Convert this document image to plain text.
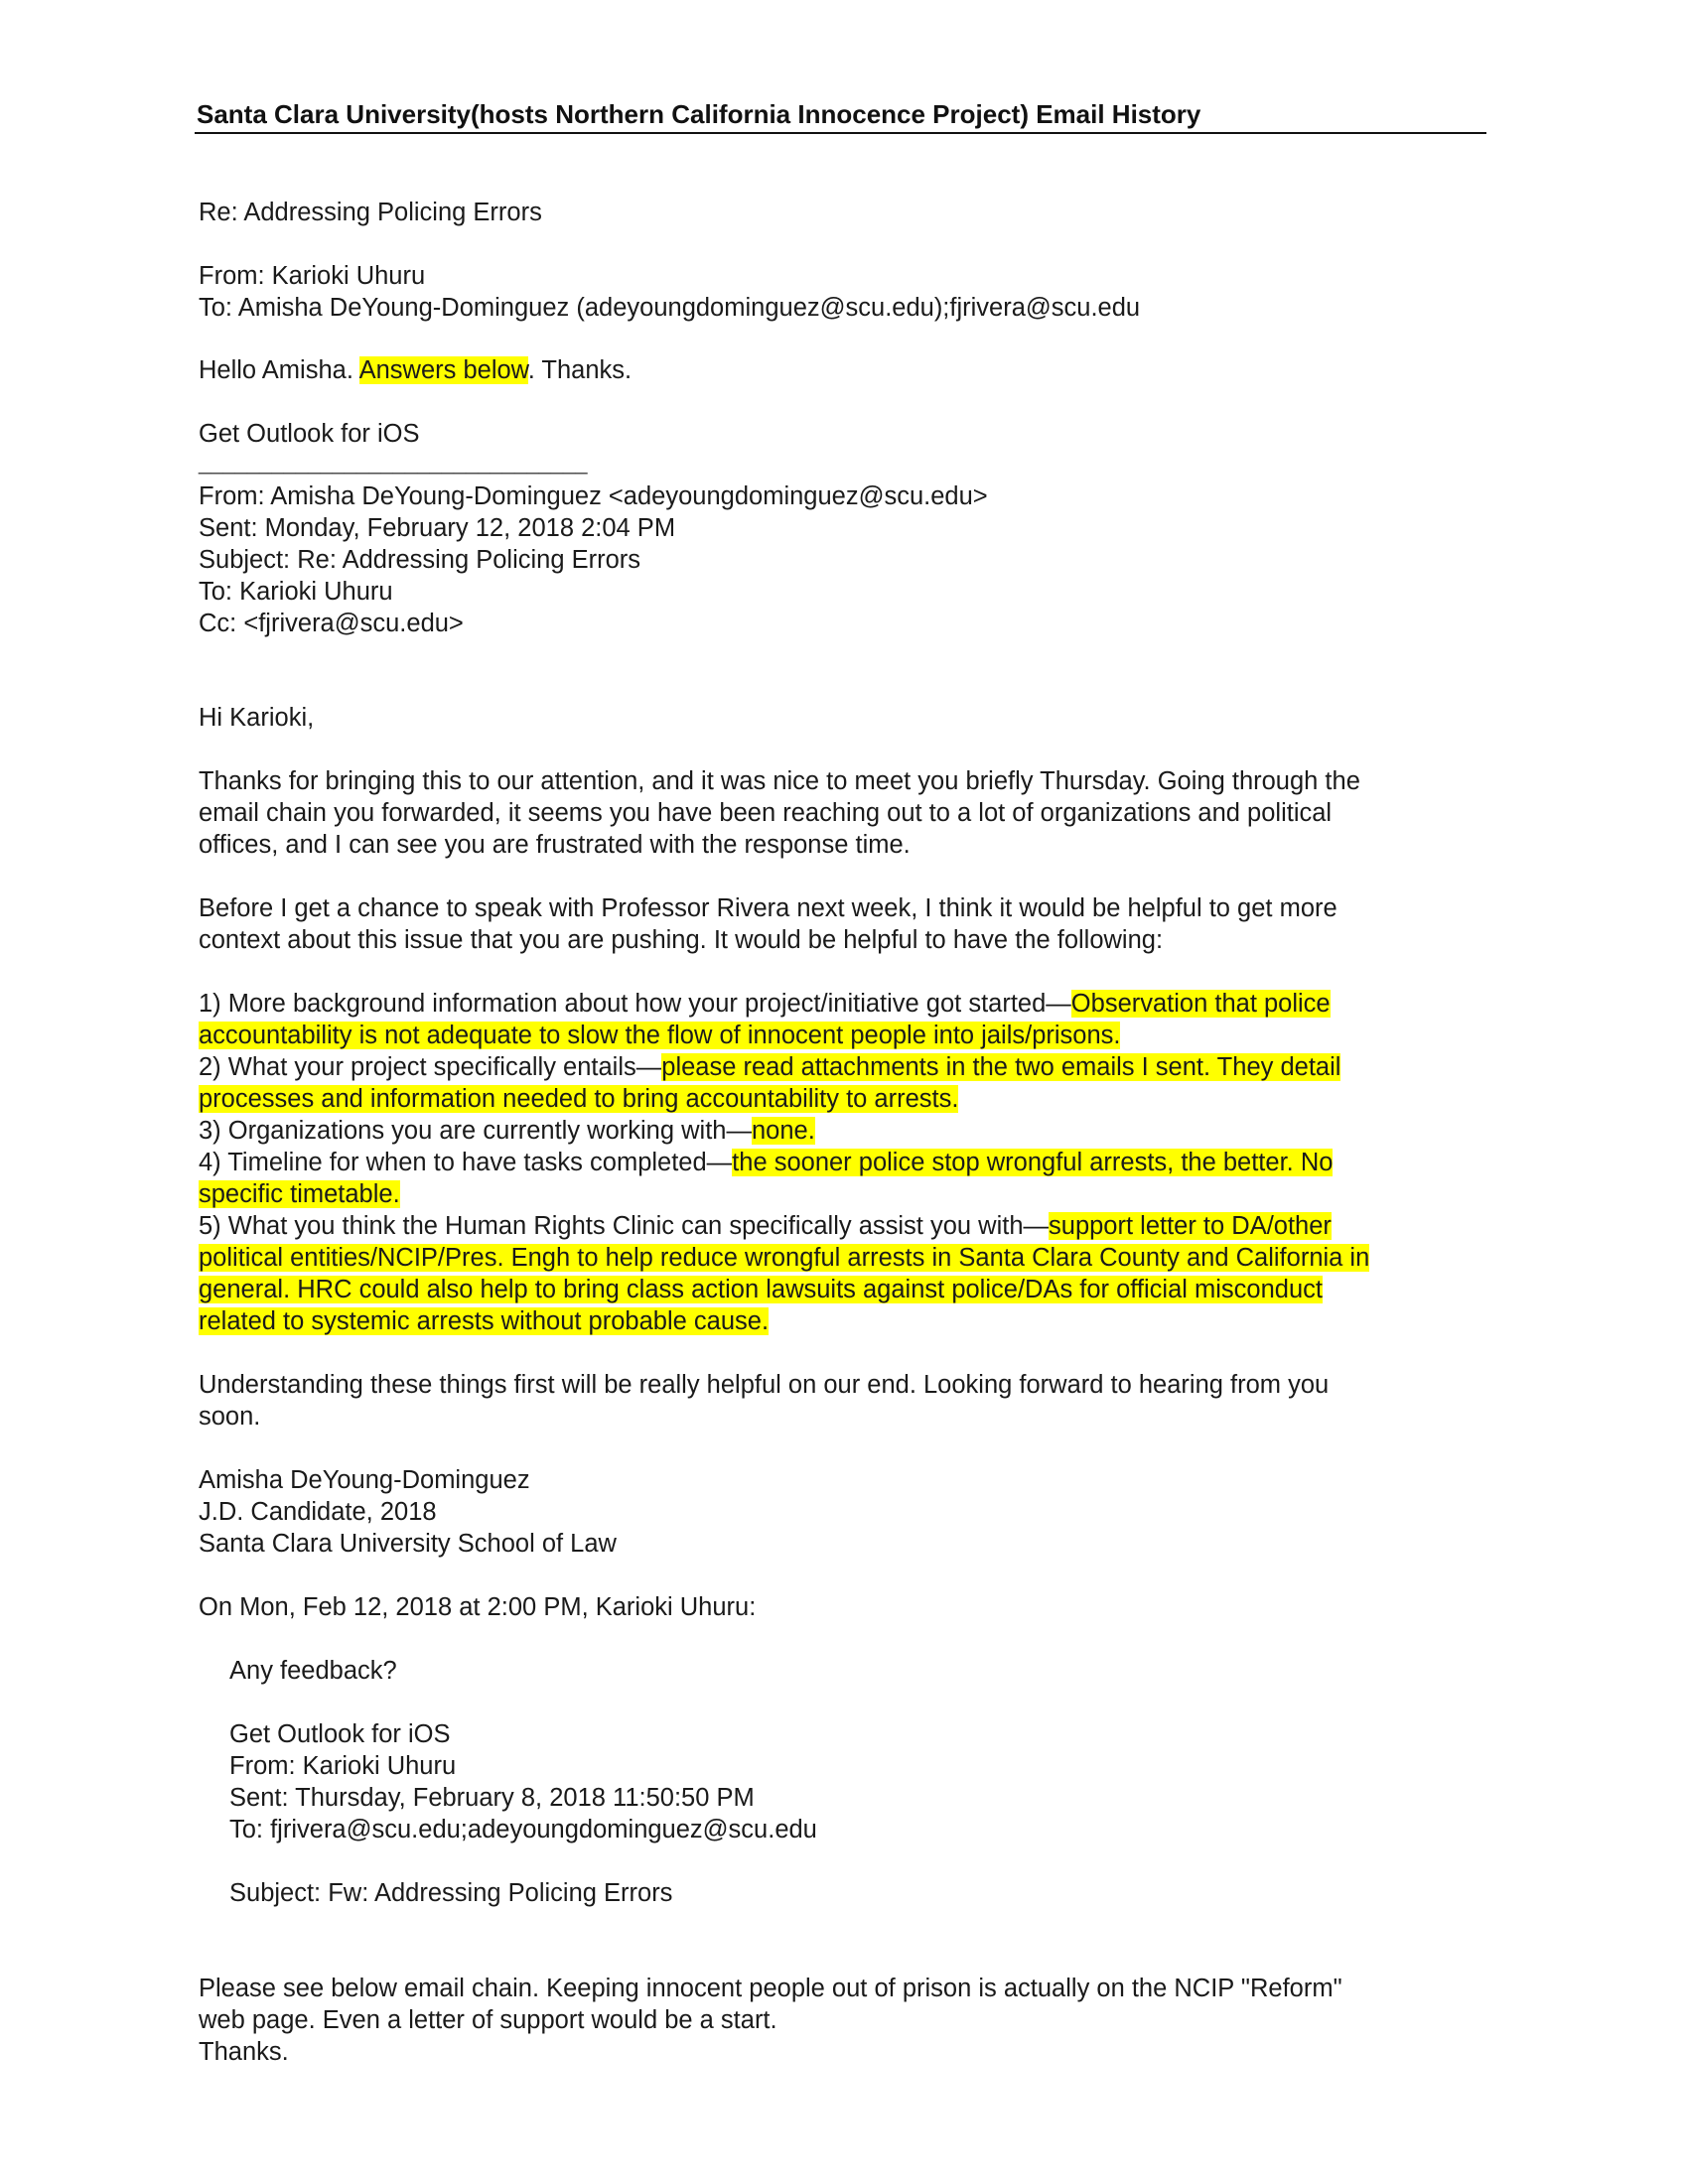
Santa Clara University(hosts Northern California Innocence Project) Email History
Re: Addressing Policing Errors
From: Karioki Uhuru
To: Amisha DeYoung-Dominguez (adeyoungdominguez@scu.edu);fjrivera@scu.edu
Hello Amisha. Answers below. Thanks.
Get Outlook for iOS
________________________________
From: Amisha DeYoung-Dominguez <adeyoungdominguez@scu.edu>
Sent: Monday, February 12, 2018 2:04 PM
Subject: Re: Addressing Policing Errors
To: Karioki Uhuru
Cc: <fjrivera@scu.edu>
Hi Karioki,
Thanks for bringing this to our attention, and it was nice to meet you briefly Thursday. Going through the
email chain you forwarded, it seems you have been reaching out to a lot of organizations and political
offices, and I can see you are frustrated with the response time.
Before I get a chance to speak with Professor Rivera next week, I think it would be helpful to get more
context about this issue that you are pushing. It would be helpful to have the following:
1) More background information about how your project/initiative got started—Observation that police
accountability is not adequate to slow the flow of innocent people into jails/prisons.
2) What your project specifically entails—please read attachments in the two emails I sent. They detail
processes and information needed to bring accountability to arrests.
3) Organizations you are currently working with—none.
4) Timeline for when to have tasks completed—the sooner police stop wrongful arrests, the better. No
specific timetable.
5) What you think the Human Rights Clinic can specifically assist you with—support letter to DA/other
political entities/NCIP/Pres. Engh to help reduce wrongful arrests in Santa Clara County and California in
general. HRC could also help to bring class action lawsuits against police/DAs for official misconduct
related to systemic arrests without probable cause.
Understanding these things first will be really helpful on our end. Looking forward to hearing from you
soon.
Amisha DeYoung-Dominguez
J.D. Candidate, 2018
Santa Clara University School of Law
On Mon, Feb 12, 2018 at 2:00 PM, Karioki Uhuru:
Any feedback?
Get Outlook for iOS
From: Karioki Uhuru
Sent: Thursday, February 8, 2018 11:50:50 PM
To: fjrivera@scu.edu;adeyoungdominguez@scu.edu
Subject: Fw: Addressing Policing Errors
Please see below email chain. Keeping innocent people out of prison is actually on the NCIP "Reform"
web page. Even a letter of support would be a start.
Thanks.
